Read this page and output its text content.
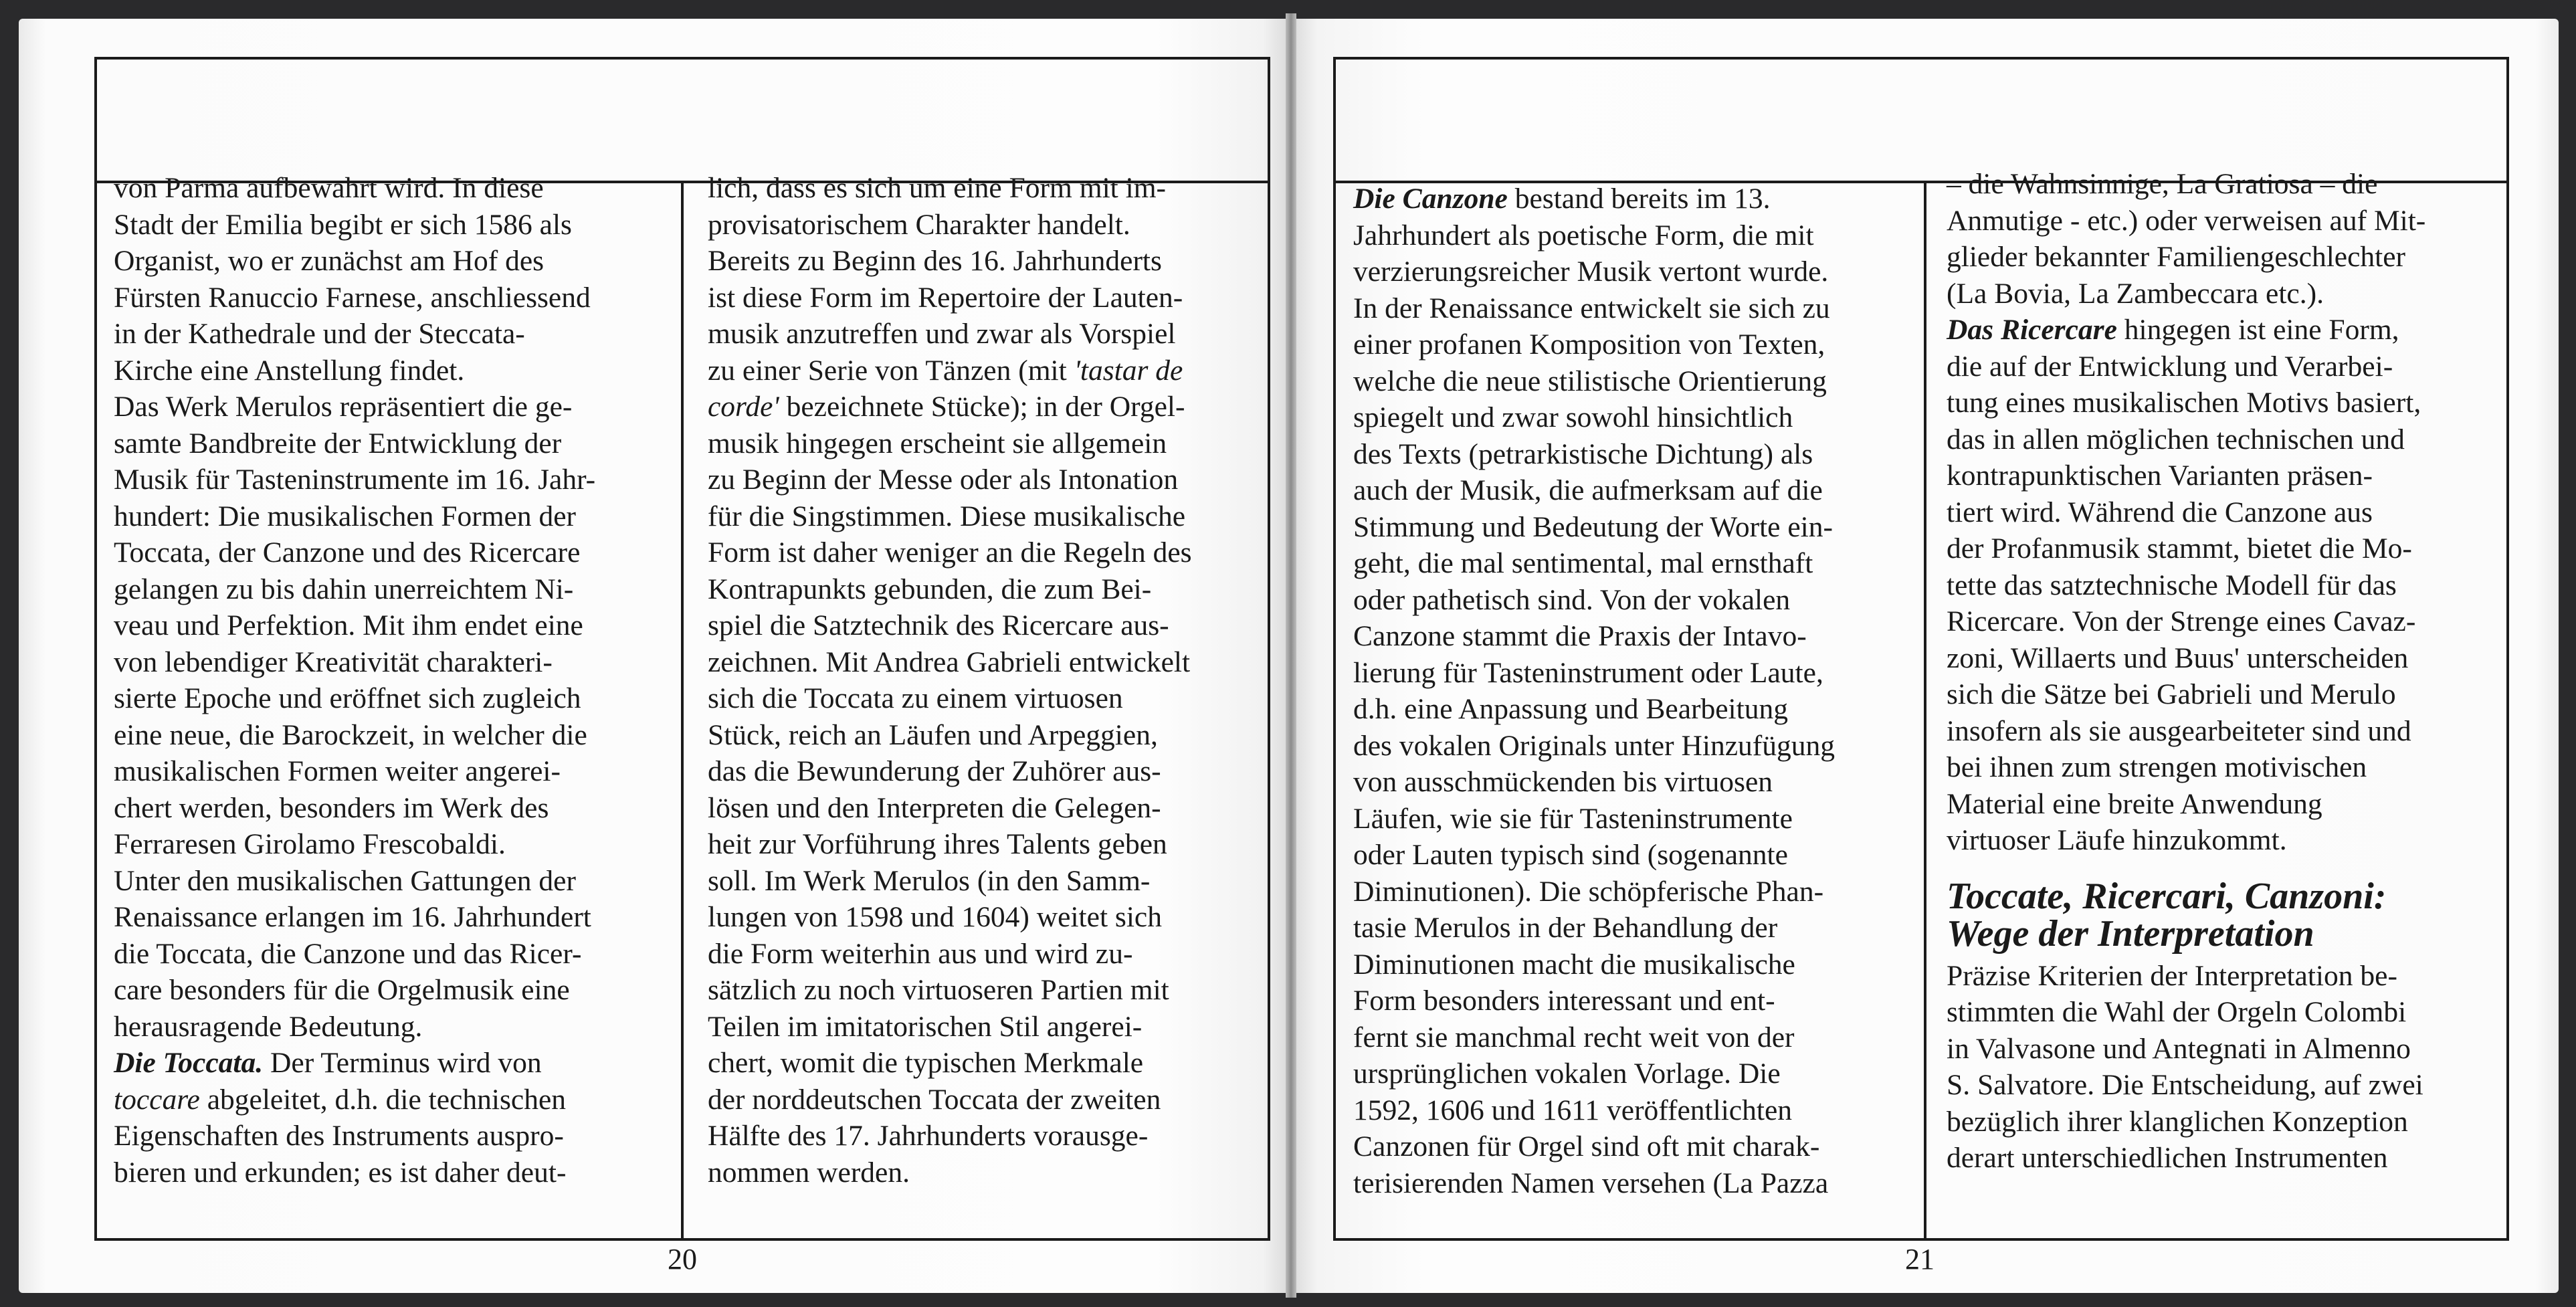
von Parma aufbewahrt wird. In diese
Stadt der Emilia begibt er sich 1586 als
Organist, wo er zunächst am Hof des
Fürsten Ranuccio Farnese, anschliessend
in der Kathedrale und der Steccata-
Kirche eine Anstellung findet.
Das Werk Merulos repräsentiert die ge-
samte Bandbreite der Entwicklung der
Musik für Tasteninstrumente im 16. Jahr-
hundert: Die musikalischen Formen der
Toccata, der Canzone und des Ricercare
gelangen zu bis dahin unerreichtem Ni-
veau und Perfektion. Mit ihm endet eine
von lebendiger Kreativität charakteri-
sierte Epoche und eröffnet sich zugleich
eine neue, die Barockzeit, in welcher die
musikalischen Formen weiter angerei-
chert werden, besonders im Werk des
Ferraresen Girolamo Frescobaldi.
Unter den musikalischen Gattungen der
Renaissance erlangen im 16. Jahrhundert
die Toccata, die Canzone und das Ricer-
care besonders für die Orgelmusik eine
herausragende Bedeutung.
Die Toccata. Der Terminus wird von
toccare abgeleitet, d.h. die technischen
Eigenschaften des Instruments auspro-
bieren und erkunden; es ist daher deut-
lich, dass es sich um eine Form mit im-
provisatorischem Charakter handelt.
Bereits zu Beginn des 16. Jahrhunderts
ist diese Form im Repertoire der Lauten-
musik anzutreffen und zwar als Vorspiel
zu einer Serie von Tänzen (mit 'tastar de
corde' bezeichnete Stücke); in der Orgel-
musik hingegen erscheint sie allgemein
zu Beginn der Messe oder als Intonation
für die Singstimmen. Diese musikalische
Form ist daher weniger an die Regeln des
Kontrapunkts gebunden, die zum Bei-
spiel die Satztechnik des Ricercare aus-
zeichnen. Mit Andrea Gabrieli entwickelt
sich die Toccata zu einem virtuosen
Stück, reich an Läufen und Arpeggien,
das die Bewunderung der Zuhörer aus-
lösen und den Interpreten die Gelegen-
heit zur Vorführung ihres Talents geben
soll. Im Werk Merulos (in den Samm-
lungen von 1598 und 1604) weitet sich
die Form weiterhin aus und wird zu-
sätzlich zu noch virtuoseren Partien mit
Teilen im imitatorischen Stil angerei-
chert, womit die typischen Merkmale
der norddeutschen Toccata der zweiten
Hälfte des 17. Jahrhunderts vorausge-
nommen werden.
20
Die Canzone bestand bereits im 13.
Jahrhundert als poetische Form, die mit
verzierungsreicher Musik vertont wurde.
In der Renaissance entwickelt sie sich zu
einer profanen Komposition von Texten,
welche die neue stilistische Orientierung
spiegelt und zwar sowohl hinsichtlich
des Texts (petrarkistische Dichtung) als
auch der Musik, die aufmerksam auf die
Stimmung und Bedeutung der Worte ein-
geht, die mal sentimental, mal ernsthaft
oder pathetisch sind. Von der vokalen
Canzone stammt die Praxis der Intavo-
lierung für Tasteninstrument oder Laute,
d.h. eine Anpassung und Bearbeitung
des vokalen Originals unter Hinzufügung
von ausschmückenden bis virtuosen
Läufen, wie sie für Tasteninstrumente
oder Lauten typisch sind (sogenannte
Diminutionen). Die schöpferische Phan-
tasie Merulos in der Behandlung der
Diminutionen macht die musikalische
Form besonders interessant und ent-
fernt sie manchmal recht weit von der
ursprünglichen vokalen Vorlage. Die
1592, 1606 und 1611 veröffentlichten
Canzonen für Orgel sind oft mit charak-
terisierenden Namen versehen (La Pazza
– die Wahnsinnige, La Gratiosa – die
Anmutige - etc.) oder verweisen auf Mit-
glieder bekannter Familiengeschlechter
(La Bovia, La Zambeccara etc.).
Das Ricercare hingegen ist eine Form,
die auf der Entwicklung und Verarbei-
tung eines musikalischen Motivs basiert,
das in allen möglichen technischen und
kontrapunktischen Varianten präsen-
tiert wird. Während die Canzone aus
der Profanmusik stammt, bietet die Mo-
tette das satztechnische Modell für das
Ricercare. Von der Strenge eines Cavaz-
zoni, Willaerts und Buus' unterscheiden
sich die Sätze bei Gabrieli und Merulo
insofern als sie ausgearbeiteter sind und
bei ihnen zum strengen motivischen
Material eine breite Anwendung
virtuoser Läufe hinzukommt.
Toccate, Ricercari, Canzoni:
Wege der Interpretation
Präzise Kriterien der Interpretation be-
stimmten die Wahl der Orgeln Colombi
in Valvasone und Antegnati in Almenno
S. Salvatore. Die Entscheidung, auf zwei
bezüglich ihrer klanglichen Konzeption
derart unterschiedlichen Instrumenten
21
